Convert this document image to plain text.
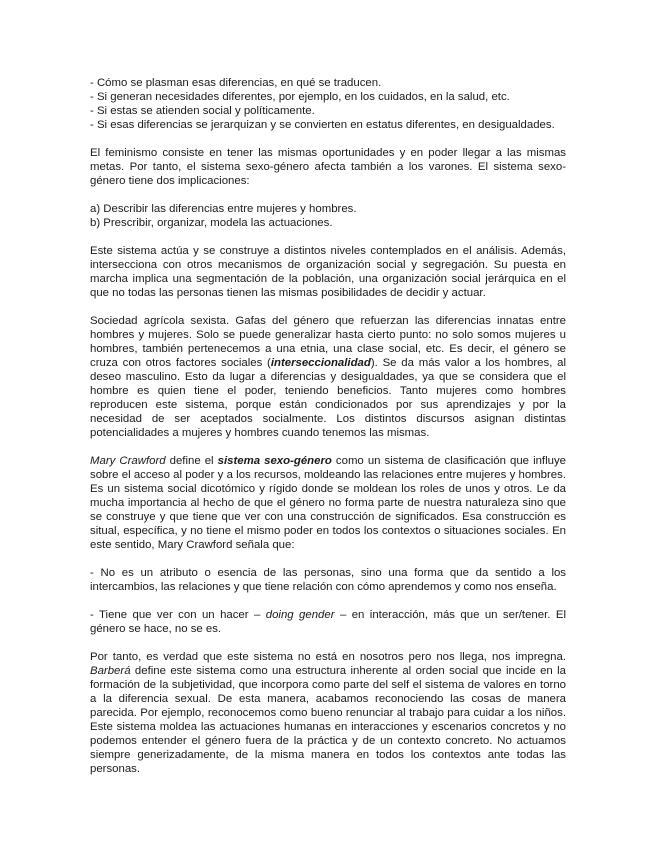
- Cómo se plasman esas diferencias, en qué se traducen.
- Si generan necesidades diferentes, por ejemplo, en los cuidados, en la salud, etc.
- Si estas se atienden social y políticamente.
- Si esas diferencias se jerarquizan y se convierten en estatus diferentes, en desigualdades.

El feminismo consiste en tener las mismas oportunidades y en poder llegar a las mismas metas. Por tanto, el sistema sexo-género afecta también a los varones. El sistema sexo-género tiene dos implicaciones:

a) Describir las diferencias entre mujeres y hombres.
b) Prescribir, organizar, modela las actuaciones.

Este sistema actúa y se construye a distintos niveles contemplados en el análisis. Además, intersecciona con otros mecanismos de organización social y segregación. Su puesta en marcha implica una segmentación de la población, una organización social jerárquica en el que no todas las personas tienen las mismas posibilidades de decidir y actuar.

Sociedad agrícola sexista. Gafas del género que refuerzan las diferencias innatas entre hombres y mujeres. Solo se puede generalizar hasta cierto punto: no solo somos mujeres u hombres, también pertenecemos a una etnia, una clase social, etc. Es decir, el género se cruza con otros factores sociales (interseccionalidad). Se da más valor a los hombres, al deseo masculino. Esto da lugar a diferencias y desigualdades, ya que se considera que el hombre es quien tiene el poder, teniendo beneficios. Tanto mujeres como hombres reproducen este sistema, porque están condicionados por sus aprendizajes y por la necesidad de ser aceptados socialmente. Los distintos discursos asignan distintas potencialidades a mujeres y hombres cuando tenemos las mismas.

Mary Crawford define el sistema sexo-género como un sistema de clasificación que influye sobre el acceso al poder y a los recursos, moldeando las relaciones entre mujeres y hombres. Es un sistema social dicotómico y rígido donde se moldean los roles de unos y otros. Le da mucha importancia al hecho de que el género no forma parte de nuestra naturaleza sino que se construye y que tiene que ver con una construcción de significados. Esa construcción es situal, específica, y no tiene el mismo poder en todos los contextos o situaciones sociales. En este sentido, Mary Crawford señala que:

- No es un atributo o esencia de las personas, sino una forma que da sentido a los intercambios, las relaciones y que tiene relación con cómo aprendemos y como nos enseña.

- Tiene que ver con un hacer – doing gender – en interacción, más que un ser/tener. El género se hace, no se es.

Por tanto, es verdad que este sistema no está en nosotros pero nos llega, nos impregna. Barberá define este sistema como una estructura inherente al orden social que incide en la formación de la subjetividad, que incorpora como parte del self el sistema de valores en torno a la diferencia sexual. De esta manera, acabamos reconociendo las cosas de manera parecida. Por ejemplo, reconocemos como bueno renunciar al trabajo para cuidar a los niños. Este sistema moldea las actuaciones humanas en interacciones y escenarios concretos y no podemos entender el género fuera de la práctica y de un contexto concreto. No actuamos siempre generizadamente, de la misma manera en todos los contextos ante todas las personas.
